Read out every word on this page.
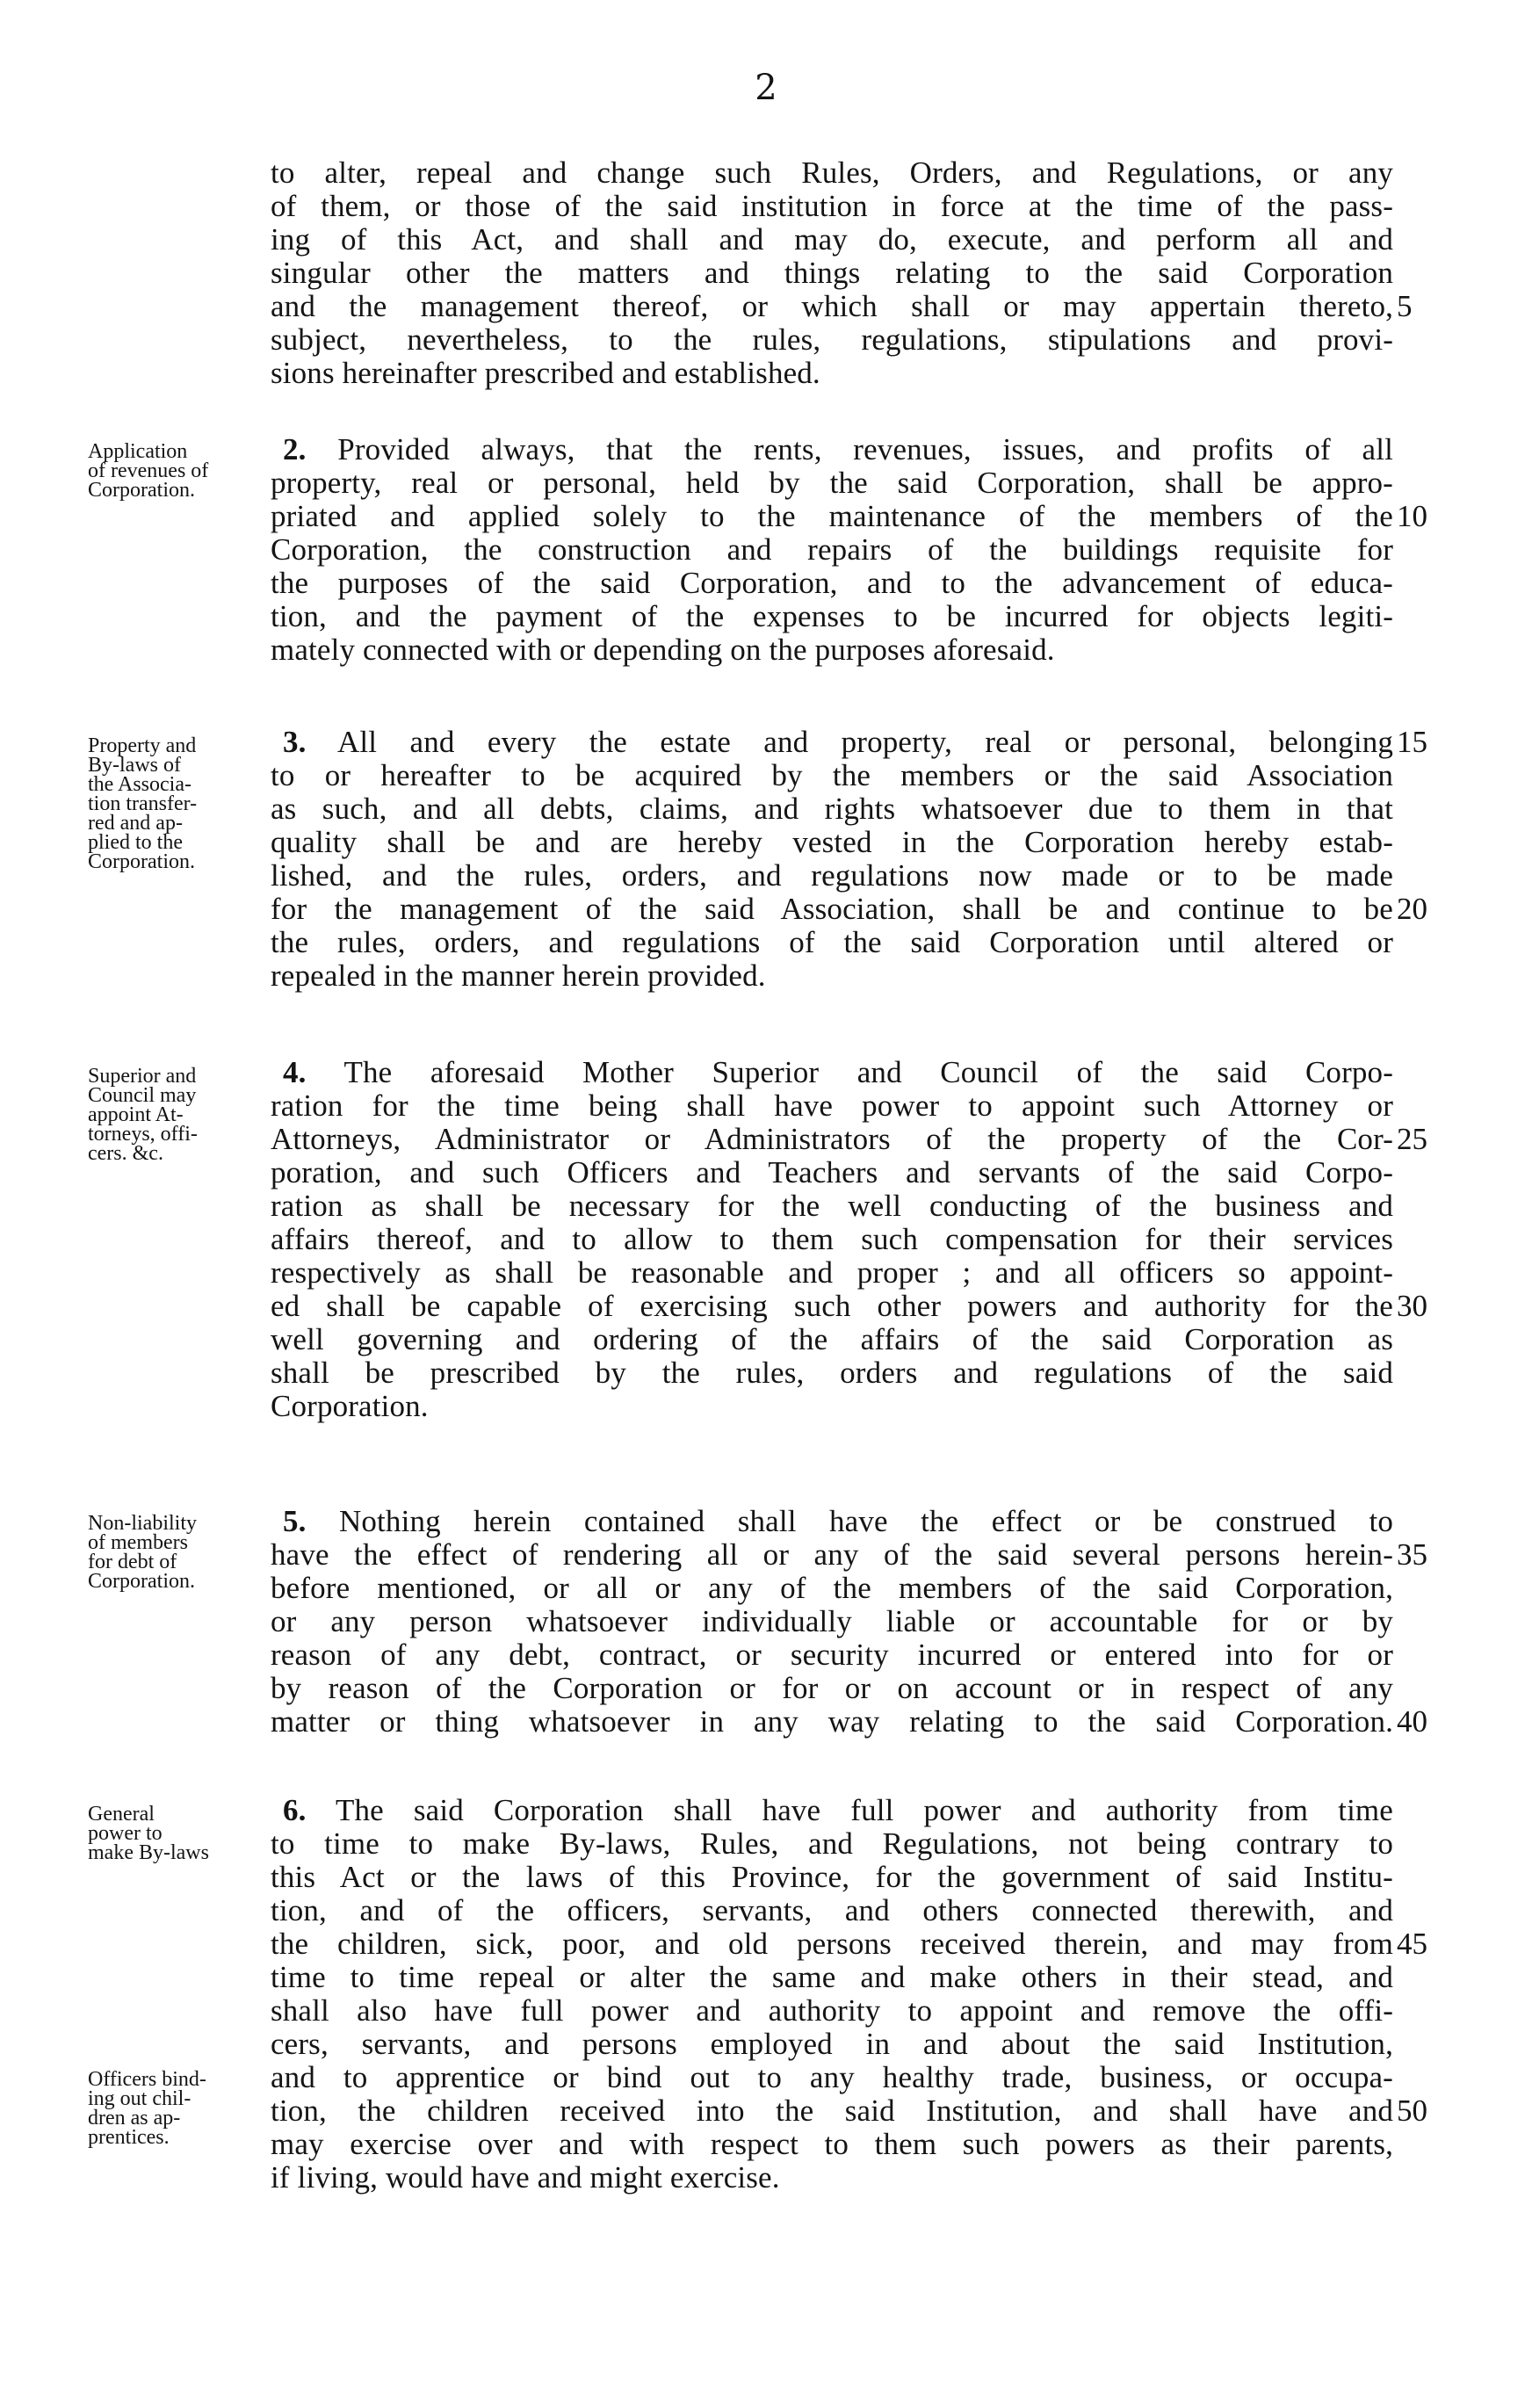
2
to alter, repeal and change such Rules, Orders, and Regulations, or any
of them, or those of the said institution in force at the time of the pass-
ing of this Act, and shall and may do, execute, and perform all and
singular other the matters and things relating to the said Corporation
and the management thereof, or which shall or may appertain thereto,
subject, nevertheless, to the rules, regulations, stipulations and provi-
sions hereinafter prescribed and established.
2. Provided always, that the rents, revenues, issues, and profits of all
property, real or personal, held by the said Corporation, shall be appro-
priated and applied solely to the maintenance of the members of the
Corporation, the construction and repairs of the buildings requisite for
the purposes of the said Corporation, and to the advancement of educa-
tion, and the payment of the expenses to be incurred for objects legiti-
mately connected with or depending on the purposes aforesaid.
3. All and every the estate and property, real or personal, belonging
to or hereafter to be acquired by the members or the said Association
as such, and all debts, claims, and rights whatsoever due to them in that
quality shall be and are hereby vested in the Corporation hereby estab-
lished, and the rules, orders, and regulations now made or to be made
for the management of the said Association, shall be and continue to be
the rules, orders, and regulations of the said Corporation until altered or
repealed in the manner herein provided.
4. The aforesaid Mother Superior and Council of the said Corpo-
ration for the time being shall have power to appoint such Attorney or
Attorneys, Administrator or Administrators of the property of the Cor-
poration, and such Officers and Teachers and servants of the said Corpo-
ration as shall be necessary for the well conducting of the business and
affairs thereof, and to allow to them such compensation for their services
respectively as shall be reasonable and proper ; and all officers so appoint-
ed shall be capable of exercising such other powers and authority for the
well governing and ordering of the affairs of the said Corporation as
shall be prescribed by the rules, orders and regulations of the said
Corporation.
5. Nothing herein contained shall have the effect or be construed to
have the effect of rendering all or any of the said several persons herein-
before mentioned, or all or any of the members of the said Corporation,
or any person whatsoever individually liable or accountable for or by
reason of any debt, contract, or security incurred or entered into for or
by reason of the Corporation or for or on account or in respect of any
matter or thing whatsoever in any way relating to the said Corporation.
6. The said Corporation shall have full power and authority from time
to time to make By-laws, Rules, and Regulations, not being contrary to
this Act or the laws of this Province, for the government of said Institu-
tion, and of the officers, servants, and others connected therewith, and
the children, sick, poor, and old persons received therein, and may from
time to time repeal or alter the same and make others in their stead, and
shall also have full power and authority to appoint and remove the offi-
cers, servants, and persons employed in and about the said Institution,
and to apprentice or bind out to any healthy trade, business, or occupa-
tion, the children received into the said Institution, and shall have and
may exercise over and with respect to them such powers as their parents,
if living, would have and might exercise.
5
10
15
20
25
30
35
40
45
50
Application
of revenues of
Corporation.
Property and
By-laws of
the Associa-
tion transfer-
red and ap-
plied to the
Corporation.
Superior and
Council may
appoint At-
torneys, offi-
cers. &c.
Non-liability
of members
for debt of
Corporation.
General
power to
make By-laws
Officers bind-
ing out chil-
dren as ap-
prentices.
